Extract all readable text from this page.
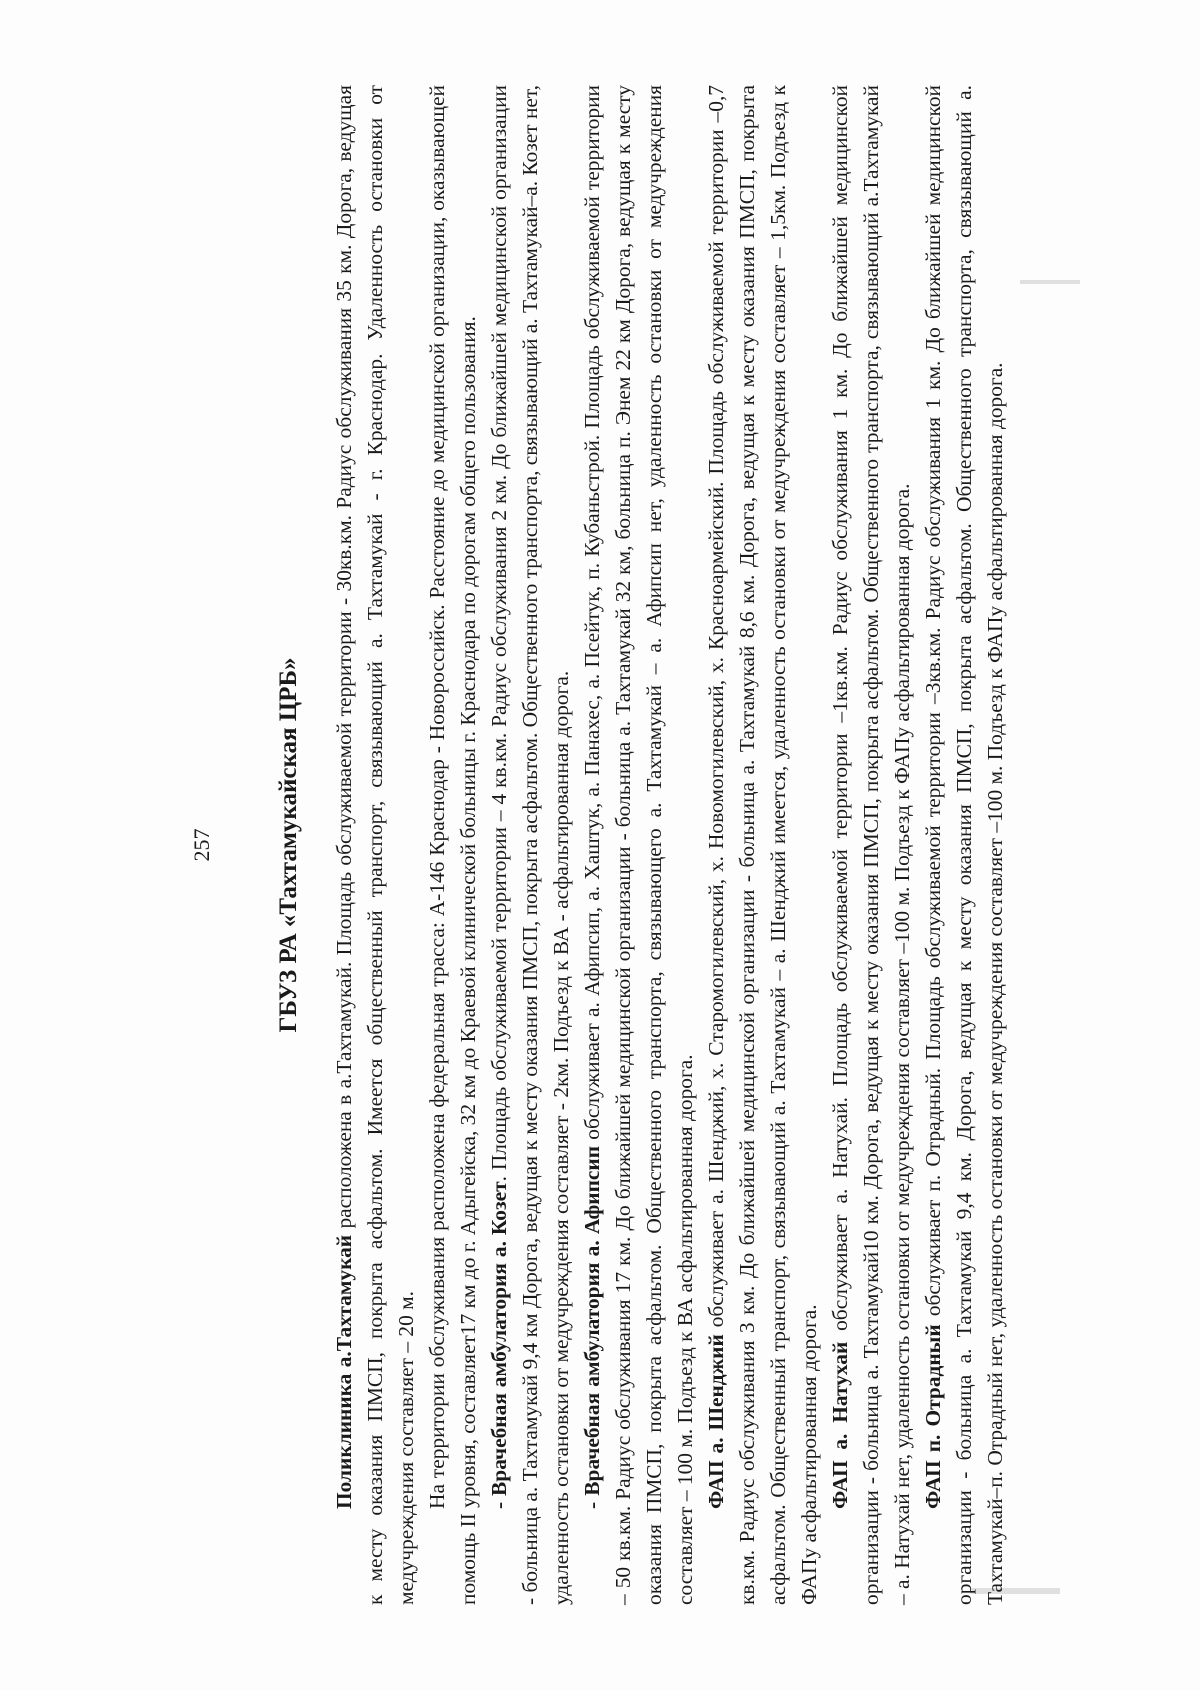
257 ГБУЗ РА «Тахтамукайская ЦРБ»

Поликлиника а.Тахтамукай расположена в а.Тахтамукай. Площадь обслуживаемой территории - 30кв.км. Радиус обслуживания 35 км. Дорога, ведущая к месту оказания ПМСП, покрыта асфальтом. Имеется общественный транспорт, связывающий а. Тахтамукай - г. Краснодар. Удаленность остановки от медучреждения составляет – 20 м. На территории обслуживания расположена федеральная трасса: А-146 Краснодар - Новороссийск. Расстояние до медицинской организации, оказывающей помощь II уровня, составляет17 км до г. Адыгейска, 32 км до Краевой клинической больницы г. Краснодара по дорогам общего пользования. - Врачебная амбулатория а. Козет. Площадь обслуживаемой территории – 4 кв.км. Радиус обслуживания 2 км. До ближайшей медицинской организации - больница а. Тахтамукай 9,4 км Дорога, ведущая к месту оказания ПМСП, покрыта асфальтом. Общественного транспорта, связывающий а. Тахтамукай–а. Козет нет, удаленность остановки от медучреждения составляет - 2км. Подъезд к ВА - асфальтированная дорога. - Врачебная амбулатория а. Афипсип обслуживает а. Афипсип, а. Хаштук, а. Панахес, а. Псейтук, п. Кубаньстрой. Площадь обслуживаемой территории – 50 кв.км. Радиус обслуживания 17 км. До ближайшей медицинской организации - больница а. Тахтамукай 32 км, больница п. Энем 22 км Дорога, ведущая к месту оказания ПМСП, покрыта асфальтом. Общественного транспорта, связывающего а. Тахтамукай – а. Афипсип нет, удаленность остановки от медучреждения составляет – 100 м. Подъезд к ВА асфальтированная дорога. ФАП а. Шенджий обслуживает а. Шенджий, х. Старомогилевский, х. Новомогилевский, х. Красноармейский. Площадь обслуживаемой территории –0,7 кв.км. Радиус обслуживания 3 км. До ближайшей медицинской организации - больница а. Тахтамукай 8,6 км. Дорога, ведущая к месту оказания ПМСП, покрыта асфальтом. Общественный транспорт, связывающий а. Тахтамукай – а. Шенджий имеется, удаленность остановки от медучреждения составляет – 1,5км. Подъезд к ФАПу асфальтированная дорога. ФАП а. Натухай обслуживает а. Натухай. Площадь обслуживаемой территории –1кв.км. Радиус обслуживания 1 км. До ближайшей медицинской организации - больница а. Тахтамукай10 км. Дорога, ведущая к месту оказания ПМСП, покрыта асфальтом. Общественного транспорта, связывающий а.Тахтамукай – а. Натухай нет, удаленность остановки от медучреждения составляет –100 м. Подъезд к ФАПу асфальтированная дорога. ФАП п. Отрадный обслуживает п. Отрадный. Площадь обслуживаемой территории –3кв.км. Радиус обслуживания 1 км. До ближайшей медицинской организации - больница а. Тахтамукай 9,4 км. Дорога, ведущая к месту оказания ПМСП, покрыта асфальтом. Общественного транспорта, связывающий а. Тахтамукай–п. Отрадный нет, удаленность остановки от медучреждения составляет –100 м. Подъезд к ФАПу асфальтированная дорога.
